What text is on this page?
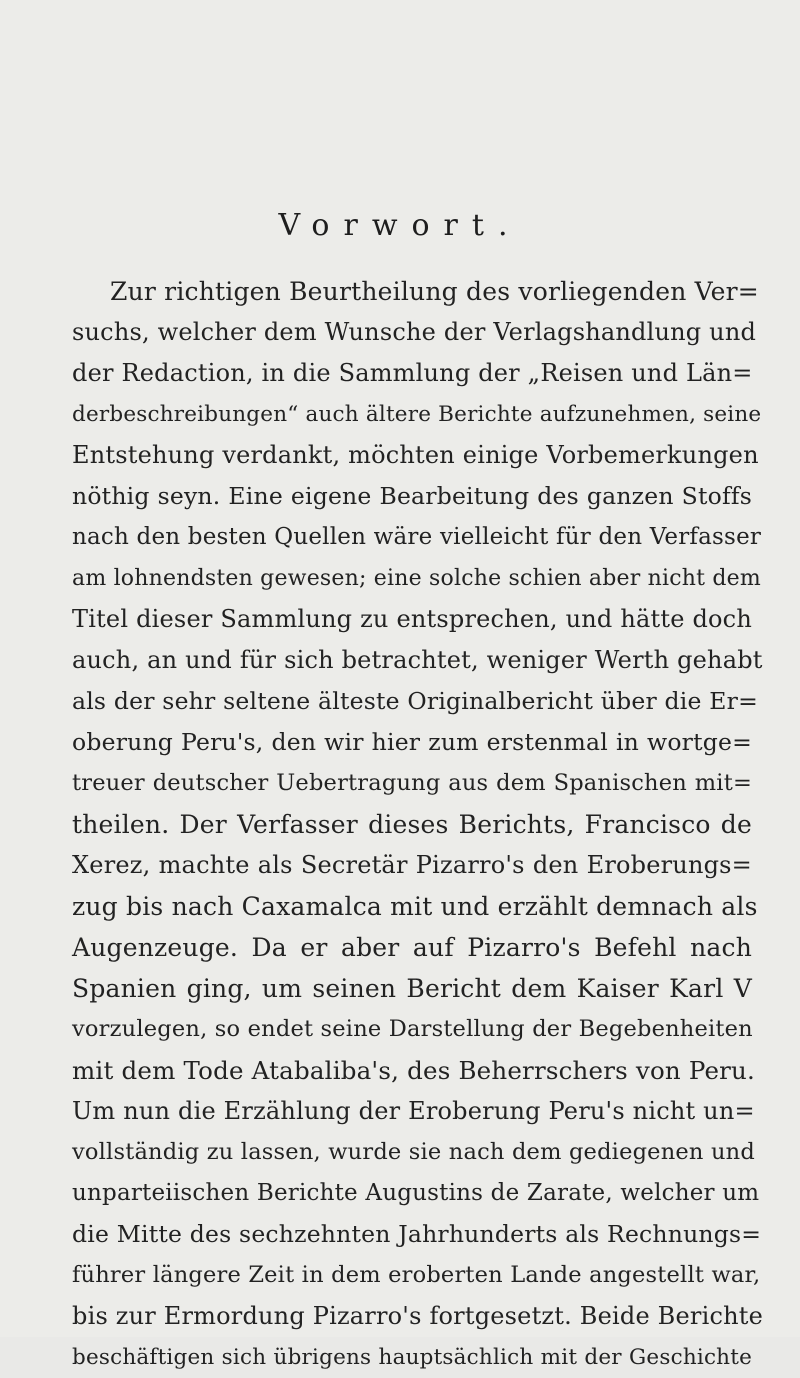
Vorwort.
Zur richtigen Beurtheilung des vorliegenden Ver=
suchs, welcher dem Wunsche der Verlagshandlung und
der Redaction, in die Sammlung der „Reisen und Län=
derbeschreibungen“ auch ältere Berichte aufzunehmen, seine
Entstehung verdankt, möchten einige Vorbemerkungen
nöthig seyn. Eine eigene Bearbeitung des ganzen Stoffs
nach den besten Quellen wäre vielleicht für den Verfasser
am lohnendsten gewesen; eine solche schien aber nicht dem
Titel dieser Sammlung zu entsprechen, und hätte doch
auch, an und für sich betrachtet, weniger Werth gehabt
als der sehr seltene älteste Originalbericht über die Er=
oberung Peru's, den wir hier zum erstenmal in wortge=
treuer deutscher Uebertragung aus dem Spanischen mit=
theilen. Der Verfasser dieses Berichts, Francisco de
Xerez, machte als Secretär Pizarro's den Eroberungs=
zug bis nach Caxamalca mit und erzählt demnach als
Augenzeuge. Da er aber auf Pizarro's Befehl nach
Spanien ging, um seinen Bericht dem Kaiser Karl V
vorzulegen, so endet seine Darstellung der Begebenheiten
mit dem Tode Atabaliba's, des Beherrschers von Peru.
Um nun die Erzählung der Eroberung Peru's nicht un=
vollständig zu lassen, wurde sie nach dem gediegenen und
unparteiischen Berichte Augustins de Zarate, welcher um
die Mitte des sechzehnten Jahrhunderts als Rechnungs=
führer längere Zeit in dem eroberten Lande angestellt war,
bis zur Ermordung Pizarro's fortgesetzt. Beide Berichte
beschäftigen sich übrigens hauptsächlich mit der Geschichte
